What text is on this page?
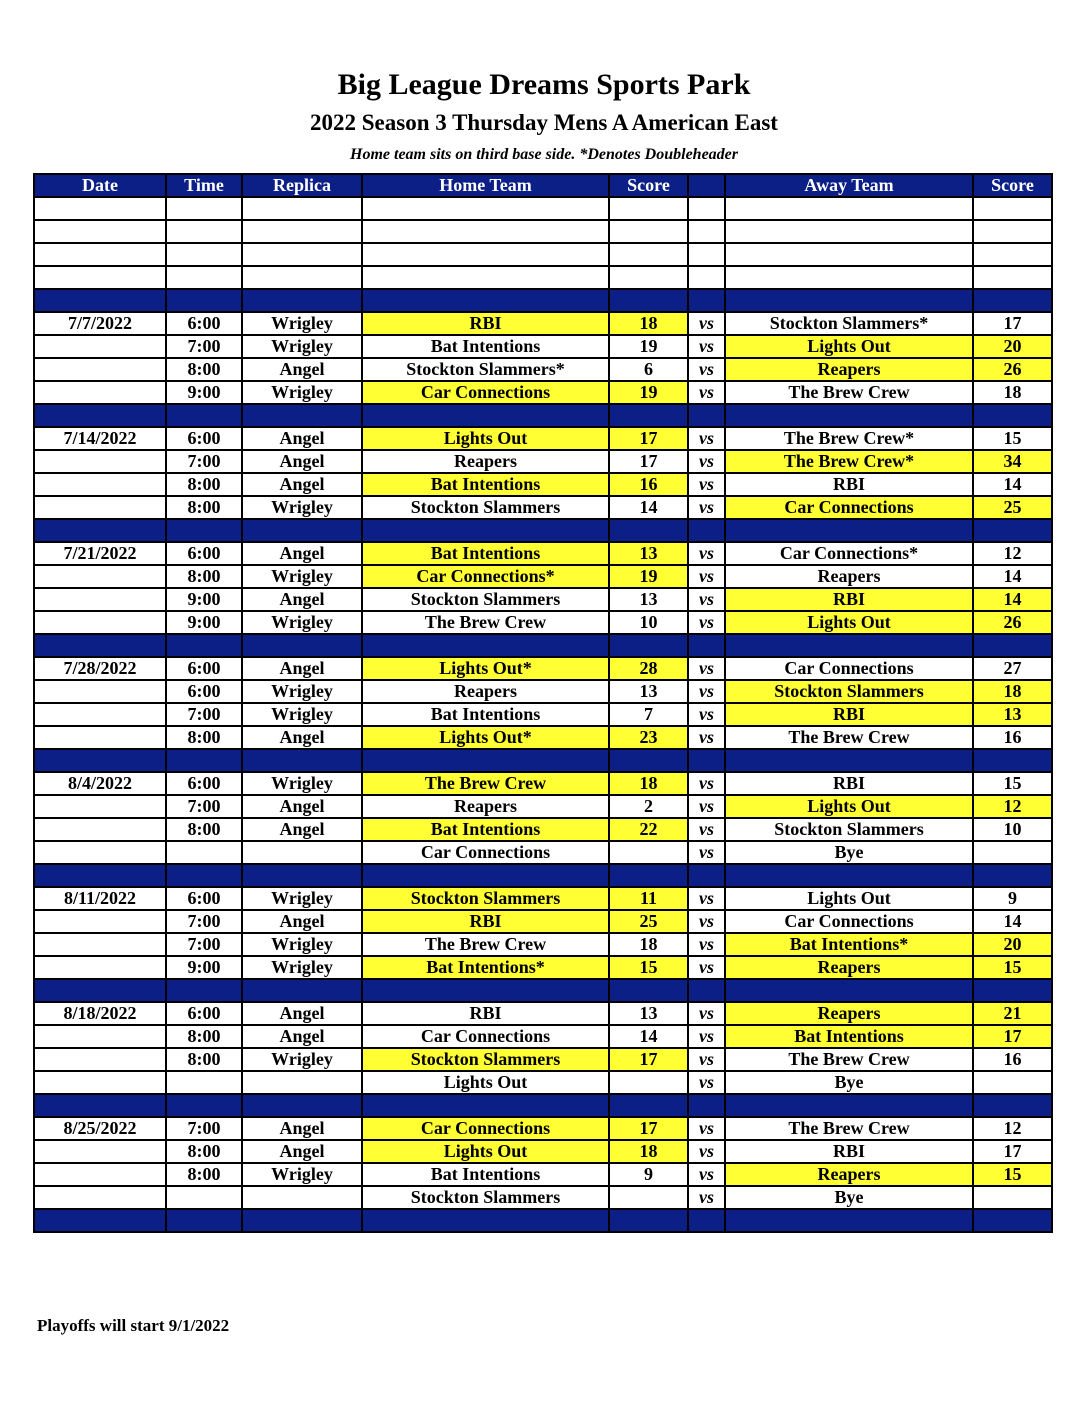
Big League Dreams Sports Park
2022 Season 3 Thursday Mens A American East
Home team sits on third base side. *Denotes Doubleheader
Date	Time	Replica	Home Team	Score		Away Team	Score

7/7/2022	6:00	Wrigley	RBI	18	vs	Stockton Slammers*	17
	7:00	Wrigley	Bat Intentions	19	vs	Lights Out	20
	8:00	Angel	Stockton Slammers*	6	vs	Reapers	26
	9:00	Wrigley	Car Connections	19	vs	The Brew Crew	18

7/14/2022	6:00	Angel	Lights Out	17	vs	The Brew Crew*	15
	7:00	Angel	Reapers	17	vs	The Brew Crew*	34
	8:00	Angel	Bat Intentions	16	vs	RBI	14
	8:00	Wrigley	Stockton Slammers	14	vs	Car Connections	25

7/21/2022	6:00	Angel	Bat Intentions	13	vs	Car Connections*	12
	8:00	Wrigley	Car Connections*	19	vs	Reapers	14
	9:00	Angel	Stockton Slammers	13	vs	RBI	14
	9:00	Wrigley	The Brew Crew	10	vs	Lights Out	26

7/28/2022	6:00	Angel	Lights Out*	28	vs	Car Connections	27
	6:00	Wrigley	Reapers	13	vs	Stockton Slammers	18
	7:00	Wrigley	Bat Intentions	7	vs	RBI	13
	8:00	Angel	Lights Out*	23	vs	The Brew Crew	16

8/4/2022	6:00	Wrigley	The Brew Crew	18	vs	RBI	15
	7:00	Angel	Reapers	2	vs	Lights Out	12
	8:00	Angel	Bat Intentions	22	vs	Stockton Slammers	10
			Car Connections		vs	Bye	

8/11/2022	6:00	Wrigley	Stockton Slammers	11	vs	Lights Out	9
	7:00	Angel	RBI	25	vs	Car Connections	14
	7:00	Wrigley	The Brew Crew	18	vs	Bat Intentions*	20
	9:00	Wrigley	Bat Intentions*	15	vs	Reapers	15

8/18/2022	6:00	Angel	RBI	13	vs	Reapers	21
	8:00	Angel	Car Connections	14	vs	Bat Intentions	17
	8:00	Wrigley	Stockton Slammers	17	vs	The Brew Crew	16
			Lights Out		vs	Bye	

8/25/2022	7:00	Angel	Car Connections	17	vs	The Brew Crew	12
	8:00	Angel	Lights Out	18	vs	RBI	17
	8:00	Wrigley	Bat Intentions	9	vs	Reapers	15
			Stockton Slammers		vs	Bye	

Playoffs will start 9/1/2022
